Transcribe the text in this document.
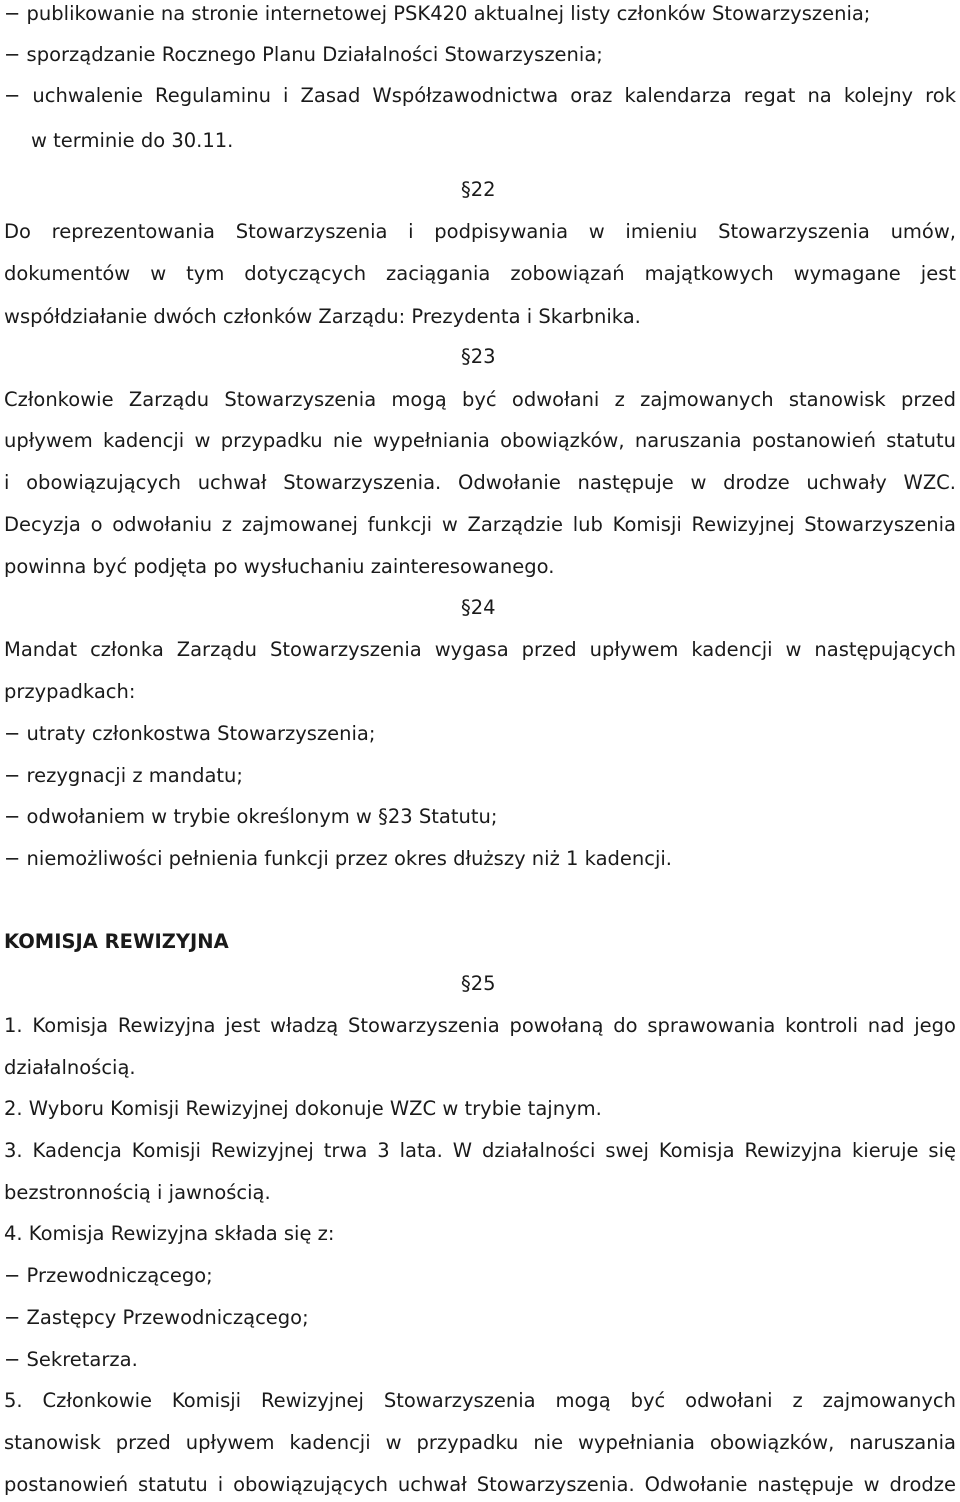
− publikowanie na stronie internetowej PSK420 aktualnej listy członków Stowarzyszenia;
− sporządzanie Rocznego Planu Działalności Stowarzyszenia;
− uchwalenie Regulaminu i Zasad Współzawodnictwa oraz kalendarza regat na kolejny rok
w terminie do 30.11.
§22
Do reprezentowania Stowarzyszenia i podpisywania w imieniu Stowarzyszenia umów,
dokumentów w tym dotyczących zaciągania zobowiązań majątkowych wymagane jest
współdziałanie dwóch członków Zarządu: Prezydenta i Skarbnika.
§23
Członkowie Zarządu Stowarzyszenia mogą być odwołani z zajmowanych stanowisk przed
upływem kadencji w przypadku nie wypełniania obowiązków, naruszania postanowień statutu
i obowiązujących uchwał Stowarzyszenia. Odwołanie następuje w drodze uchwały WZC.
Decyzja o odwołaniu z zajmowanej funkcji w Zarządzie lub Komisji Rewizyjnej Stowarzyszenia
powinna być podjęta po wysłuchaniu zainteresowanego.
§24
Mandat członka Zarządu Stowarzyszenia wygasa przed upływem kadencji w następujących
przypadkach:
− utraty członkostwa Stowarzyszenia;
− rezygnacji z mandatu;
− odwołaniem w trybie określonym w §23 Statutu;
− niemożliwości pełnienia funkcji przez okres dłuższy niż 1 kadencji.
KOMISJA REWIZYJNA
§25
1. Komisja Rewizyjna jest władzą Stowarzyszenia powołaną do sprawowania kontroli nad jego
działalnością.
2. Wyboru Komisji Rewizyjnej dokonuje WZC w trybie tajnym.
3. Kadencja Komisji Rewizyjnej trwa 3 lata. W działalności swej Komisja Rewizyjna kieruje się
bezstronnością i jawnością.
4. Komisja Rewizyjna składa się z:
− Przewodniczącego;
− Zastępcy Przewodniczącego;
− Sekretarza.
5. Członkowie Komisji Rewizyjnej Stowarzyszenia mogą być odwołani z zajmowanych
stanowisk przed upływem kadencji w przypadku nie wypełniania obowiązków, naruszania
postanowień statutu i obowiązujących uchwał Stowarzyszenia. Odwołanie następuje w drodze
